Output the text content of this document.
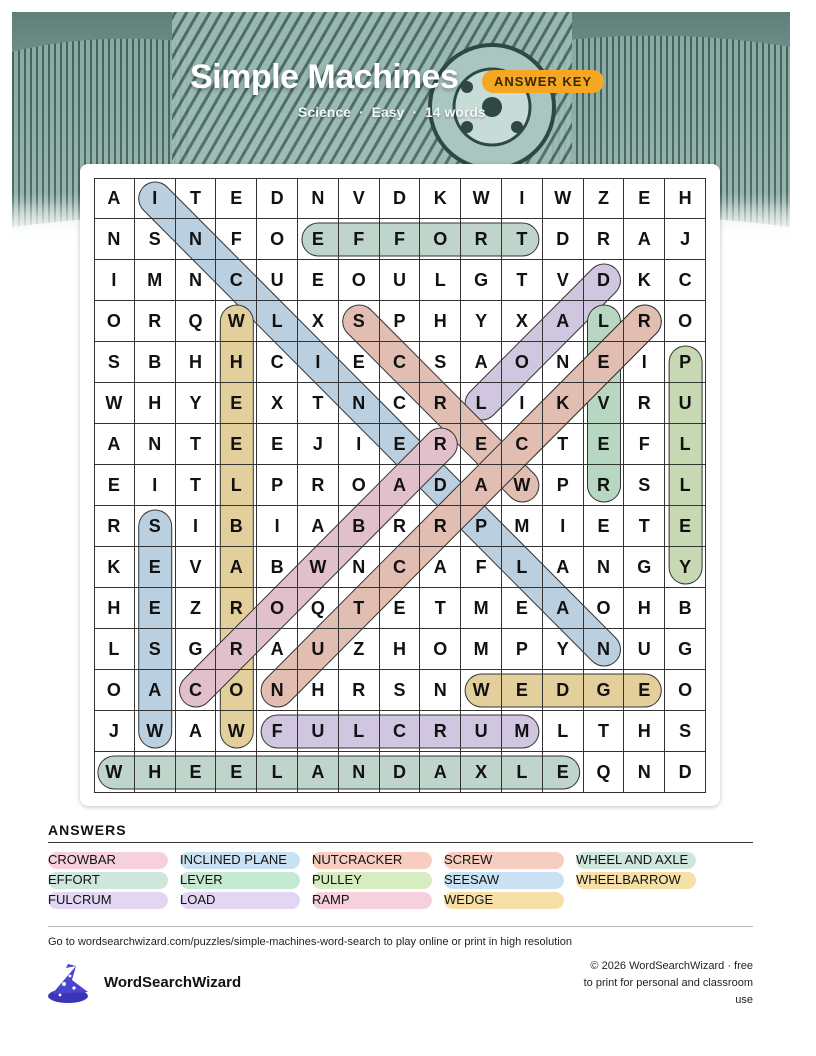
Simple Machines	ANSWER KEY
Science · Easy · 14 words
A	I	T	E	D	N	V	D	K	W	I	W	Z	E	H
N	S	N	F	O	E	F	F	O	R	T	D	R	A	J
I	M	N	C	U	E	O	U	L	G	T	V	D	K	C
O	R	Q	W	L	X	S	P	H	Y	X	A	L	R	O
S	B	H	H	C	I	E	C	S	A	O	N	E	I	P
W	H	Y	E	X	T	N	C	R	L	I	K	V	R	U
A	N	T	E	E	J	I	E	R	E	C	T	E	F	L
E	I	T	L	P	R	O	A	D	A	W	P	R	S	L
R	S	I	B	I	A	B	R	R	P	M	I	E	T	E
K	E	V	A	B	W	N	C	A	F	L	A	N	G	Y
H	E	Z	R	O	Q	T	E	T	M	E	A	O	H	B
L	S	G	R	A	U	Z	H	O	M	P	Y	N	U	G
O	A	C	O	N	H	R	S	N	W	E	D	G	E	O
J	W	A	W	F	U	L	C	R	U	M	L	T	H	S
W	H	E	E	L	A	N	D	A	X	L	E	Q	N	D
ANSWERS
CROWBAR
EFFORT
FULCRUM
INCLINED PLANE
LEVER
LOAD
NUTCRACKER
PULLEY
RAMP
SCREW
SEESAW
WEDGE
WHEEL AND AXLE
WHEELBARROW
Go to wordsearchwizard.com/puzzles/simple-machines-word-search to play online or print in high resolution
WordSearchWizard
© 2026 WordSearchWizard · free to print for personal and classroom use
